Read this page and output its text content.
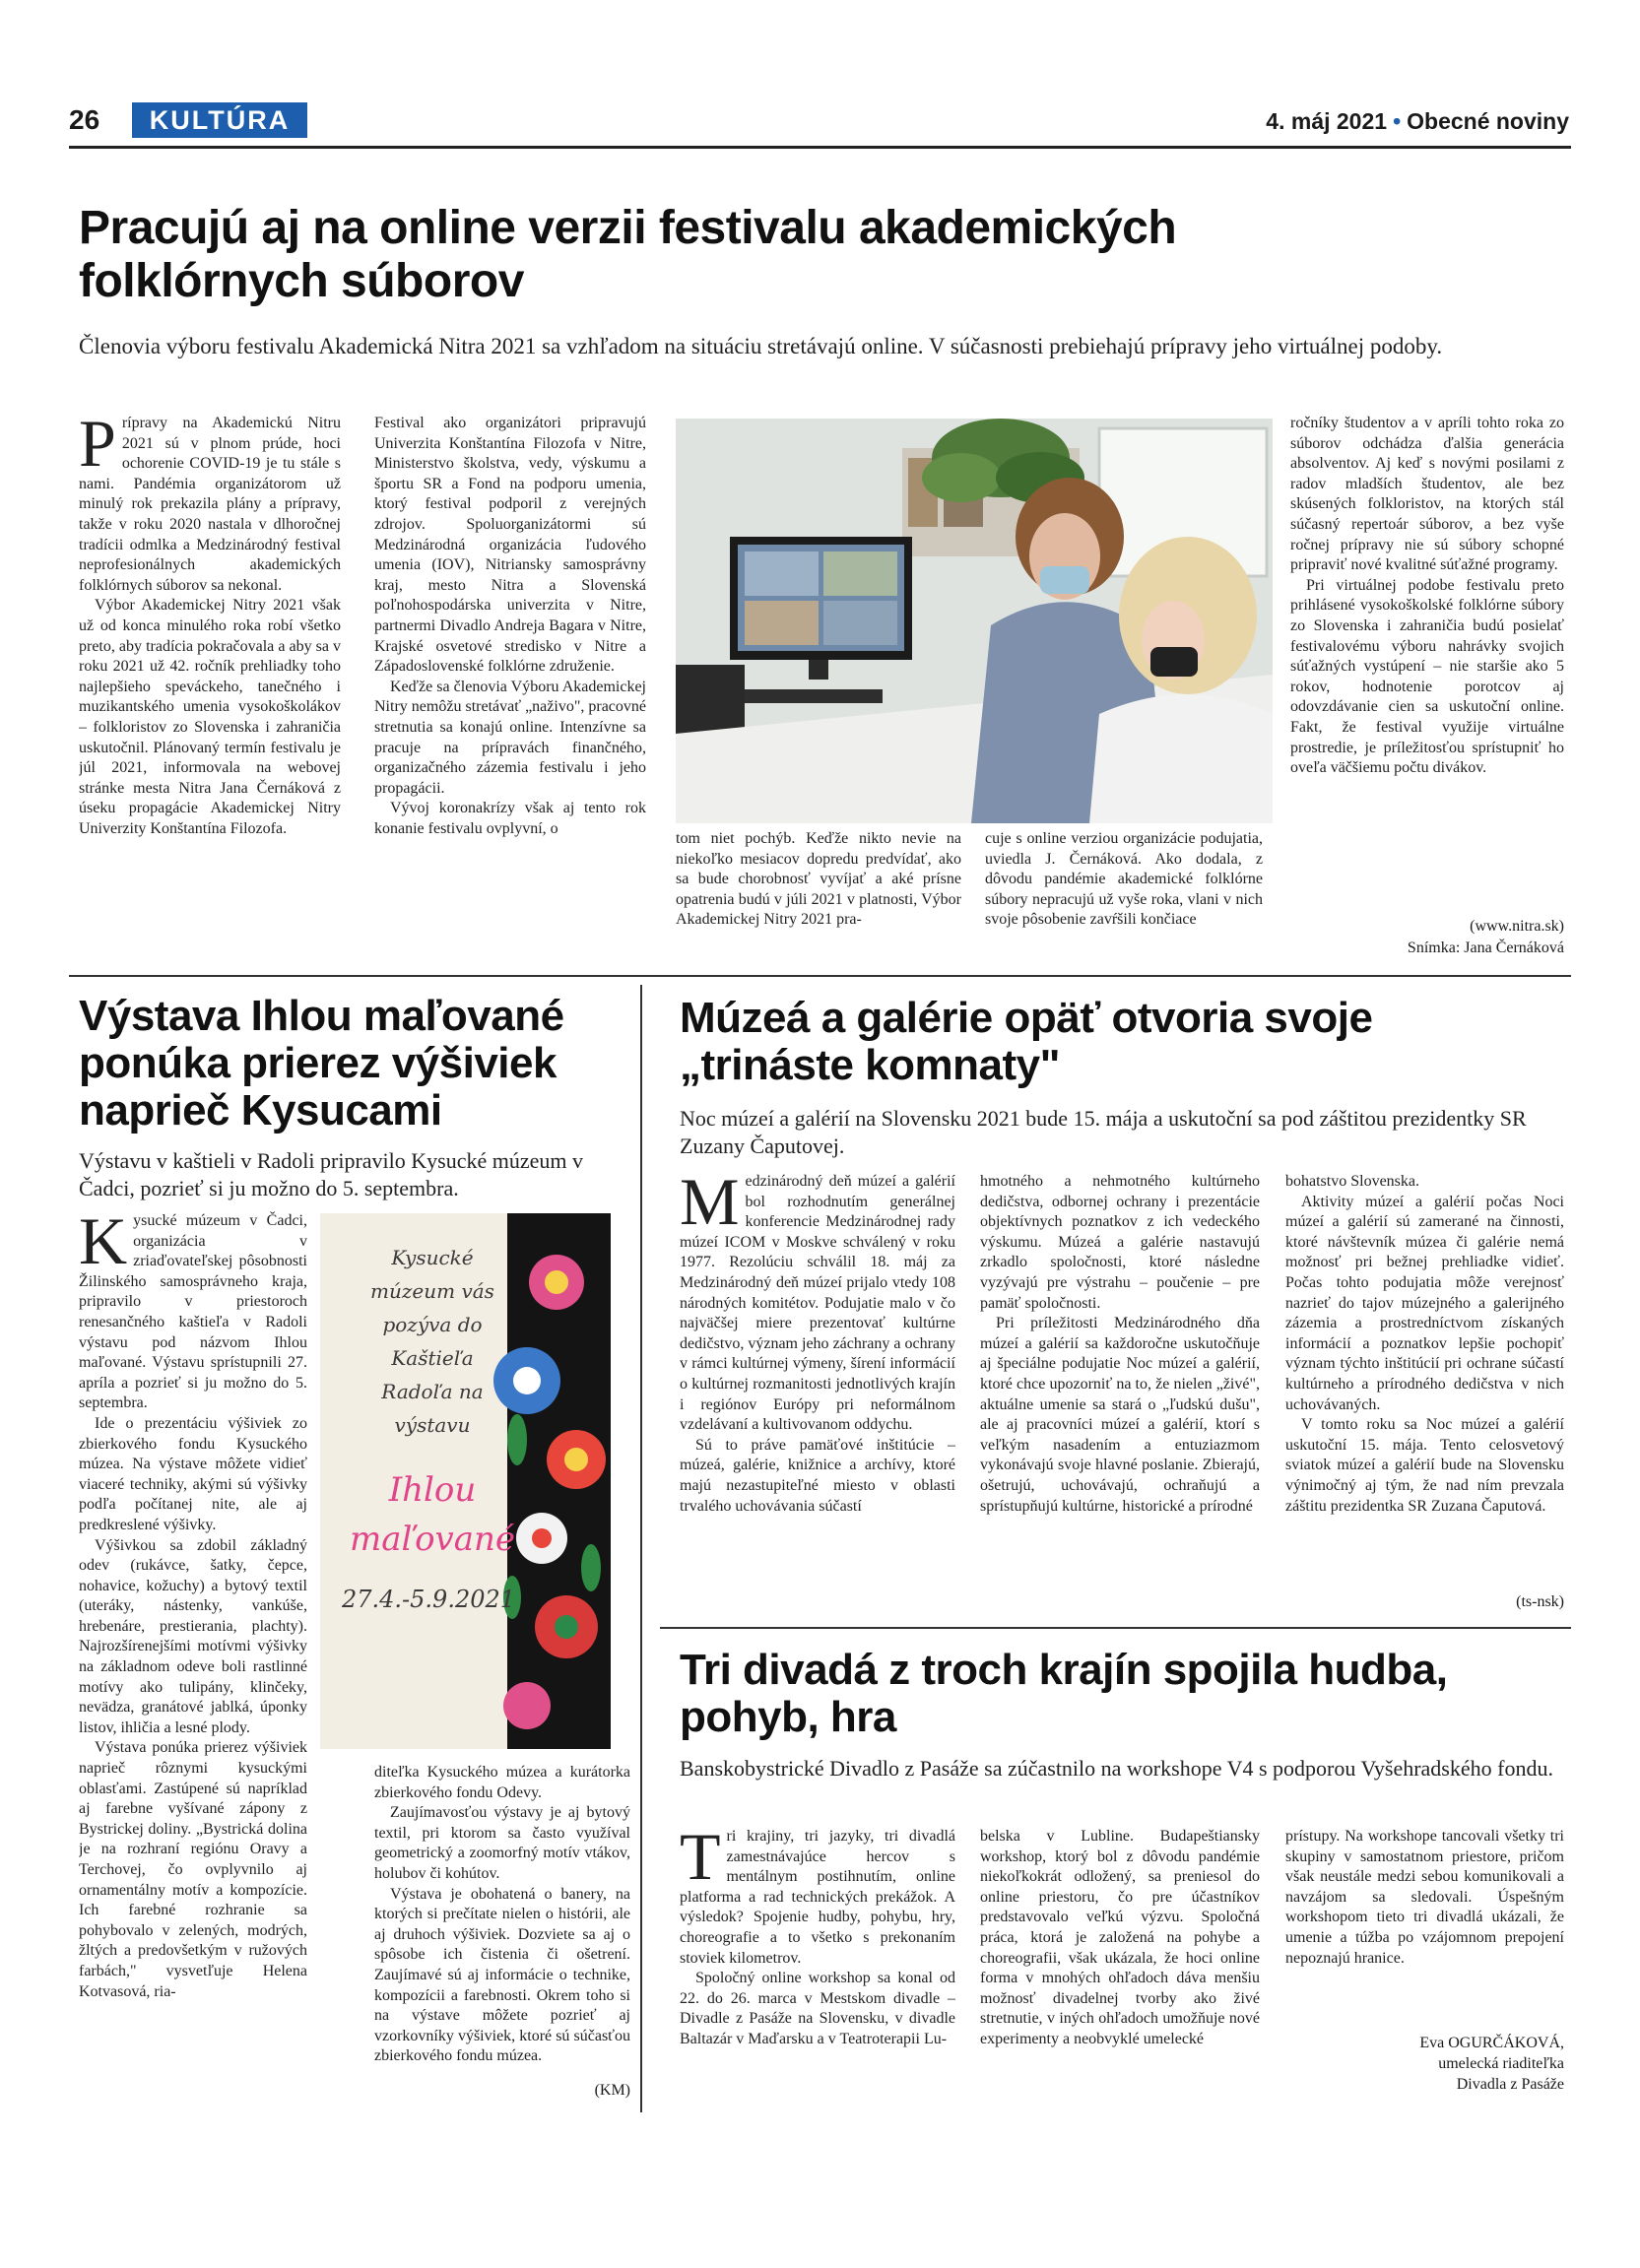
26	KULTÚRA	4. máj 2021 • Obecné noviny
Pracujú aj na online verzii festivalu akademických
folklórnych súborov
Členovia výboru festivalu Akademická Nitra 2021 sa vzhľadom na situáciu stretávajú online. V súčasnosti prebiehajú prípravy jeho virtuálnej podoby.

Prípravy na Akademickú Nitru 2021 sú v plnom prúde, hoci ochorenie COVID-19 je tu stále s nami. Pandémia organizátorom už minulý rok prekazila plány a prípravy, takže v roku 2020 nastala v dlhoročnej tradícii odmlka a Medzinárodný festival neprofesionálnych akademických folklórnych súborov sa nekonal.

Výbor Akademickej Nitry 2021 však už od konca minulého roka robí všetko preto, aby tradícia pokračovala a aby sa v roku 2021 už 42. ročník prehliadky toho najlepšieho speváckeho, tanečného i muzikantského umenia vysokoškolákov – folkloristov zo Slovenska i zahraničia uskutočnil. Plánovaný termín festivalu je júl 2021, informovala na webovej stránke mesta Nitra Jana Černáková z úseku propagácie Akademickej Nitry Univerzity Konštantína Filozofa.

Festival ako organizátori pripravujú Univerzita Konštantína Filozofa v Nitre, Ministerstvo školstva, vedy, výskumu a športu SR a Fond na podporu umenia, ktorý festival podporil z verejných zdrojov. Spoluorganizátormi sú Medzinárodná organizácia ľudového umenia (IOV), Nitriansky samosprávny kraj, mesto Nitra a Slovenská poľnohospodárska univerzita v Nitre, partnermi Divadlo Andreja Bagara v Nitre, Krajské osvetové stredisko v Nitre a Západoslovenské folklórne združenie.

Keďže sa členovia Výboru Akademickej Nitry nemôžu stretávať „naživo", pracovné stretnutia sa konajú online. Intenzívne sa pracuje na prípravách finančného, organizačného zázemia festivalu i jeho propagácii.

Vývoj koronakrízy však aj tento rok konanie festivalu ovplyvní, o

tom niet pochýb. Keďže nikto nevie na niekoľko mesiacov dopredu predvídať, ako sa bude chorobnosť vyvíjať a aké prísne opatrenia budú v júli 2021 v platnosti, Výbor Akademickej Nitry 2021 pra-

cuje s online verziou organizácie podujatia, uviedla J. Černáková. Ako dodala, z dôvodu pandémie akademické folklórne súbory nepracujú už vyše roka, vlani v nich svoje pôsobenie zavŕšili končiace

ročníky študentov a v apríli tohto roka zo súborov odchádza ďalšia generácia absolventov. Aj keď s novými posilami z radov mladších študentov, ale bez skúsených folkloristov, na ktorých stál súčasný repertoár súborov, a bez vyše ročnej prípravy nie sú súbory schopné pripraviť nové kvalitné súťažné programy.

Pri virtuálnej podobe festivalu preto prihlásené vysokoškolské folklórne súbory zo Slovenska i zahraničia budú posielať festivalovému výboru nahrávky svojich súťažných vystúpení – nie staršie ako 5 rokov, hodnotenie porotcov aj odovzdávanie cien sa uskutoční online. Fakt, že festival využije virtuálne prostredie, je príležitosťou sprístupniť ho oveľa väčšiemu počtu divákov.

(www.nitra.sk)
Snímka: Jana Černáková
Výstava Ihlou maľované
ponúka prierez výšiviek
naprieč Kysucami
Výstavu v kaštieli v Radoli pripravilo Kysucké múzeum v Čadci, pozrieť si ju možno do 5. septembra.

Kysucké múzeum v Čadci, organizácia v zriaďovateľskej pôsobnosti Žilinského samosprávneho kraja, pripravilo v priestoroch renesančného kaštieľa v Radoli výstavu pod názvom Ihlou maľované. Výstavu sprístupnili 27. apríla a pozrieť si ju možno do 5. septembra.

Ide o prezentáciu výšiviek zo zbierkového fondu Kysuckého múzea. Na výstave môžete vidieť viaceré techniky, akými sú výšivky podľa počítanej nite, ale aj predkreslené výšivky.

Výšivkou sa zdobil základný odev (rukávce, šatky, čepce, nohavice, kožuchy) a bytový textil (uteráky, nástenky, vankúše, hrebenáre, prestierania, plachty). Najrozšírenejšími motívmi výšivky na základnom odeve boli rastlinné motívy ako tulipány, klinčeky, nevädza, granátové jablká, úponky listov, ihličia a lesné plody.

Výstava ponúka prierez výšiviek naprieč rôznymi kysuckými oblasťami. Zastúpené sú napríklad aj farebne vyšívané zápony z Bystrickej doliny. „Bystrická dolina je na rozhraní regiónu Oravy a Terchovej, čo ovplyvnilo aj ornamentálny motív a kompozície. Ich farebné rozhranie sa pohybovalo v zelených, modrých, žltých a predovšetkým v ružových farbách," vysvetľuje Helena Kotvasová, ria-

Kysucké
múzeum vás
pozýva do
Kaštieľa
Radoľa na
výstavu
Ihlou
maľované
27.4.-5.9.2021

diteľka Kysuckého múzea a kurátorka zbierkového fondu Odevy.

Zaujímavosťou výstavy je aj bytový textil, pri ktorom sa často využíval geometrický a zoomorfný motív vtákov, holubov či kohútov.

Výstava je obohatená o banery, na ktorých si prečítate nielen o histórii, ale aj druhoch výšiviek. Dozviete sa aj o spôsobe ich čistenia či ošetrení. Zaujímavé sú aj informácie o technike, kompozícii a farebnosti. Okrem toho si na výstave môžete pozrieť aj vzorkovníky výšiviek, ktoré sú súčasťou zbierkového fondu múzea.

(KM)
Múzeá a galérie opäť otvoria svoje
„trináste komnaty"
Noc múzeí a galérií na Slovensku 2021 bude 15. mája a uskutoční sa pod záštitou prezidentky SR Zuzany Čaputovej.

Medzinárodný deň múzeí a galérií bol rozhodnutím generálnej konferencie Medzinárodnej rady múzeí ICOM v Moskve schválený v roku 1977. Rezolúciu schválil 18. máj za Medzinárodný deň múzeí prijalo vtedy 108 národných komitétov. Podujatie malo v čo najväčšej miere prezentovať kultúrne dedičstvo, význam jeho záchrany a ochrany v rámci kultúrnej výmeny, šírení informácií o kultúrnej rozmanitosti jednotlivých krajín i regiónov Európy pri neformálnom vzdelávaní a kultivovanom oddychu.

Sú to práve pamäťové inštitúcie – múzeá, galérie, knižnice a archívy, ktoré majú nezastupiteľné miesto v oblasti trvalého uchovávania súčastí

hmotného a nehmotného kultúrneho dedičstva, odbornej ochrany i prezentácie objektívnych poznatkov z ich vedeckého výskumu. Múzeá a galérie nastavujú zrkadlo spoločnosti, ktoré následne vyzývajú pre výstrahu – poučenie – pre pamäť spoločnosti.

Pri príležitosti Medzinárodného dňa múzeí a galérií sa každoročne uskutočňuje aj špeciálne podujatie Noc múzeí a galérií, ktoré chce upozorniť na to, že nielen „živé", aktuálne umenie sa stará o „ľudskú dušu", ale aj pracovníci múzeí a galérií, ktorí s veľkým nasadením a entuziazmom vykonávajú svoje hlavné poslanie. Zbierajú, ošetrujú, uchovávajú, ochraňujú a sprístupňujú kultúrne, historické a prírodné

bohatstvo Slovenska.

Aktivity múzeí a galérií počas Noci múzeí a galérií sú zamerané na činnosti, ktoré návštevník múzea či galérie nemá možnosť pri bežnej prehliadke vidieť. Počas tohto podujatia môže verejnosť nazrieť do tajov múzejného a galerijného zázemia a prostredníctvom získaných informácií a poznatkov lepšie pochopiť význam týchto inštitúcií pri ochrane súčastí kultúrneho a prírodného dedičstva v nich uchovávaných.

V tomto roku sa Noc múzeí a galérií uskutoční 15. mája. Tento celosvetový sviatok múzeí a galérií bude na Slovensku výnimočný aj tým, že nad ním prevzala záštitu prezidentka SR Zuzana Čaputová.

(ts-nsk)
Tri divadá z troch krajín spojila hudba,
pohyb, hra
Banskobystrické Divadlo z Pasáže sa zúčastnilo na workshope V4 s podporou Vyšehradského fondu.

Tri krajiny, tri jazyky, tri divadlá zamestnávajúce hercov s mentálnym postihnutím, online platforma a rad technických prekážok. A výsledok? Spojenie hudby, pohybu, hry, choreografie a to všetko s prekonaním stoviek kilometrov.

Spoločný online workshop sa konal od 22. do 26. marca v Mestskom divadle – Divadle z Pasáže na Slovensku, v divadle Baltazár v Maďarsku a v Teatroterapii Lu-

belska v Lubline. Budapeštiansky workshop, ktorý bol z dôvodu pandémie niekoľkokrát odložený, sa preniesol do online priestoru, čo pre účastníkov predstavovalo veľkú výzvu. Spoločná práca, ktorá je založená na pohybe a choreografii, však ukázala, že hoci online forma v mnohých ohľadoch dáva menšiu možnosť divadelnej tvorby ako živé stretnutie, v iných ohľadoch umožňuje nové experimenty a neobvyklé umelecké

prístupy. Na workshope tancovali všetky tri skupiny v samostatnom priestore, pričom však neustále medzi sebou komunikovali a navzájom sa sledovali. Úspešným workshopom tieto tri divadlá ukázali, že umenie a túžba po vzájomnom prepojení nepoznajú hranice.

Eva OGURČÁKOVÁ,
umelecká riaditeľka
Divadla z Pasáže
